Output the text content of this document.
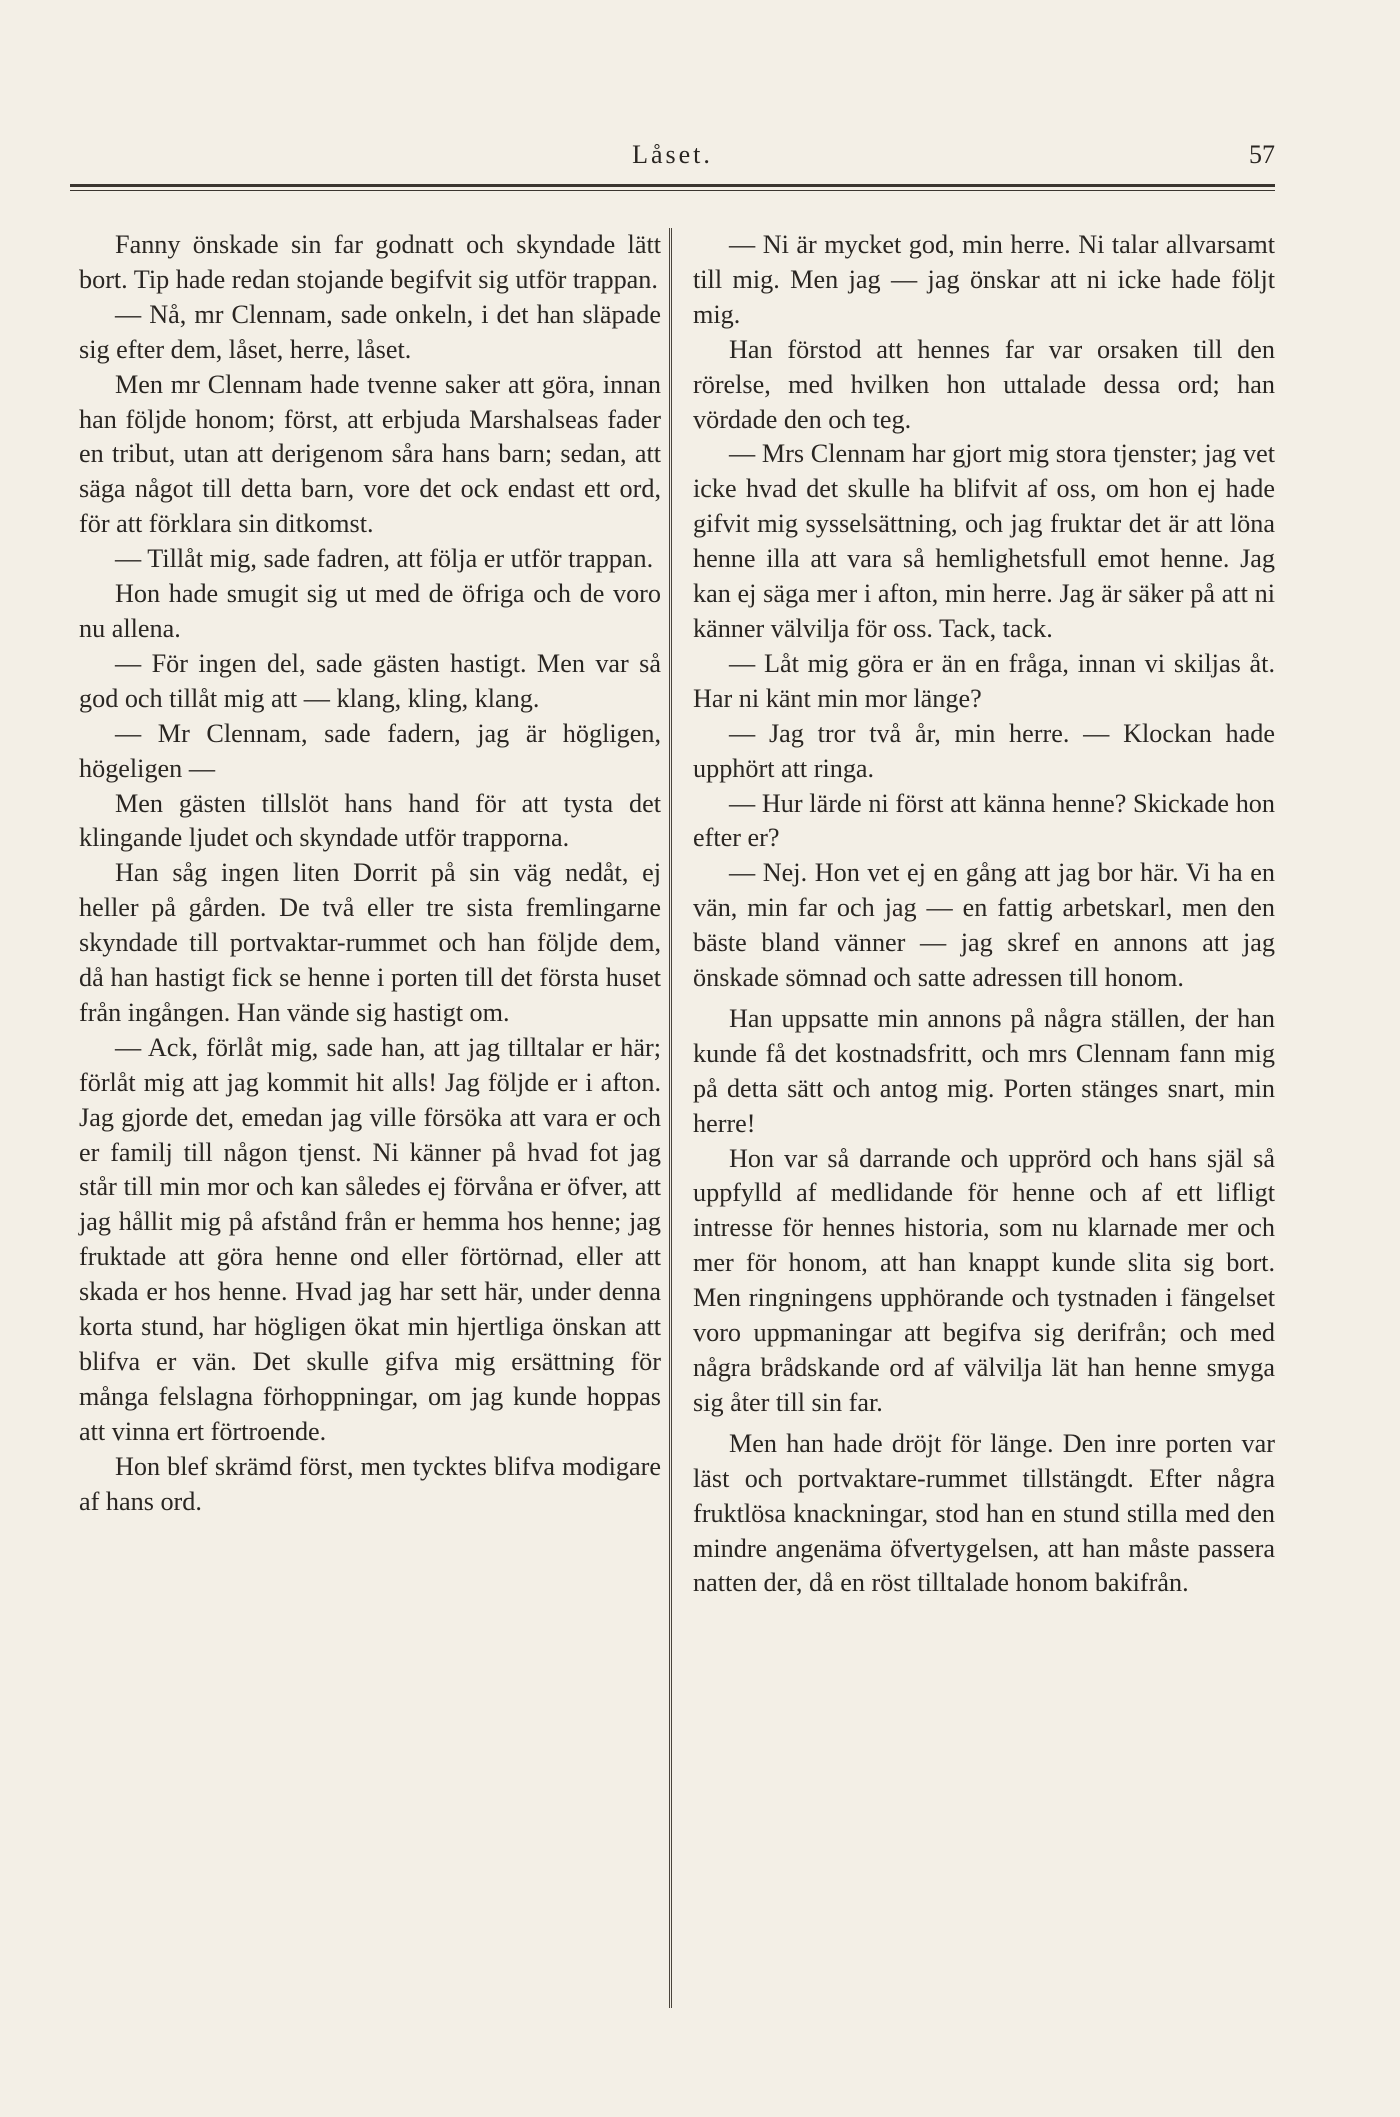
Låset.	57

Fanny önskade sin far godnatt och skyndade lätt bort. Tip hade redan stojande begifvit sig utför trappan.

— Nå, mr Clennam, sade onkeln, i det han släpade sig efter dem, låset, herre, låset.

Men mr Clennam hade tvenne saker att göra, innan han följde honom; först, att erbjuda Marshalseas fader en tribut, utan att derigenom såra hans barn; sedan, att säga något till detta barn, vore det ock endast ett ord, för att förklara sin ditkomst.

— Tillåt mig, sade fadren, att följa er utför trappan.

Hon hade smugit sig ut med de öfriga och de voro nu allena.

— För ingen del, sade gästen hastigt. Men var så god och tillåt mig att — klang, kling, klang.

— Mr Clennam, sade fadern, jag är högligen, högeligen —

Men gästen tillslöt hans hand för att tysta det klingande ljudet och skyndade utför trapporna.

Han såg ingen liten Dorrit på sin väg nedåt, ej heller på gården. De två eller tre sista fremlingarne skyndade till portvaktar-rummet och han följde dem, då han hastigt fick se henne i porten till det första huset från ingången. Han vände sig hastigt om.

— Ack, förlåt mig, sade han, att jag tilltalar er här; förlåt mig att jag kommit hit alls! Jag följde er i afton. Jag gjorde det, emedan jag ville försöka att vara er och er familj till någon tjenst. Ni känner på hvad fot jag står till min mor och kan således ej förvåna er öfver, att jag hållit mig på afstånd från er hemma hos henne; jag fruktade att göra henne ond eller förtörnad, eller att skada er hos henne. Hvad jag har sett här, under denna korta stund, har högligen ökat min hjertliga önskan att blifva er vän. Det skulle gifva mig ersättning för många felslagna förhoppningar, om jag kunde hoppas att vinna ert förtroende.

Hon blef skrämd först, men tycktes blifva modigare af hans ord.

— Ni är mycket god, min herre. Ni talar allvarsamt till mig. Men jag — jag önskar att ni icke hade följt mig.

Han förstod att hennes far var orsaken till den rörelse, med hvilken hon uttalade dessa ord; han vördade den och teg.

— Mrs Clennam har gjort mig stora tjenster; jag vet icke hvad det skulle ha blifvit af oss, om hon ej hade gifvit mig sysselsättning, och jag fruktar det är att löna henne illa att vara så hemlighetsfull emot henne. Jag kan ej säga mer i afton, min herre. Jag är säker på att ni känner välvilja för oss. Tack, tack.

— Låt mig göra er än en fråga, innan vi skiljas åt. Har ni känt min mor länge?

— Jag tror två år, min herre. — Klockan hade upphört att ringa.

— Hur lärde ni först att känna henne? Skickade hon efter er?

— Nej. Hon vet ej en gång att jag bor här. Vi ha en vän, min far och jag — en fattig arbetskarl, men den bäste bland vänner — jag skref en annons att jag önskade sömnad och satte adressen till honom.

Han uppsatte min annons på några ställen, der han kunde få det kostnadsfritt, och mrs Clennam fann mig på detta sätt och antog mig. Porten stänges snart, min herre!

Hon var så darrande och upprörd och hans själ så uppfylld af medlidande för henne och af ett lifligt intresse för hennes historia, som nu klarnade mer och mer för honom, att han knappt kunde slita sig bort. Men ringningens upphörande och tystnaden i fängelset voro uppmaningar att begifva sig derifrån; och med några brådskande ord af välvilja lät han henne smyga sig åter till sin far.

Men han hade dröjt för länge. Den inre porten var läst och portvaktare-rummet tillstängdt. Efter några fruktlösa knackningar, stod han en stund stilla med den mindre angenäma öfvertygelsen, att han måste passera natten der, då en röst tilltalade honom bakifrån.
